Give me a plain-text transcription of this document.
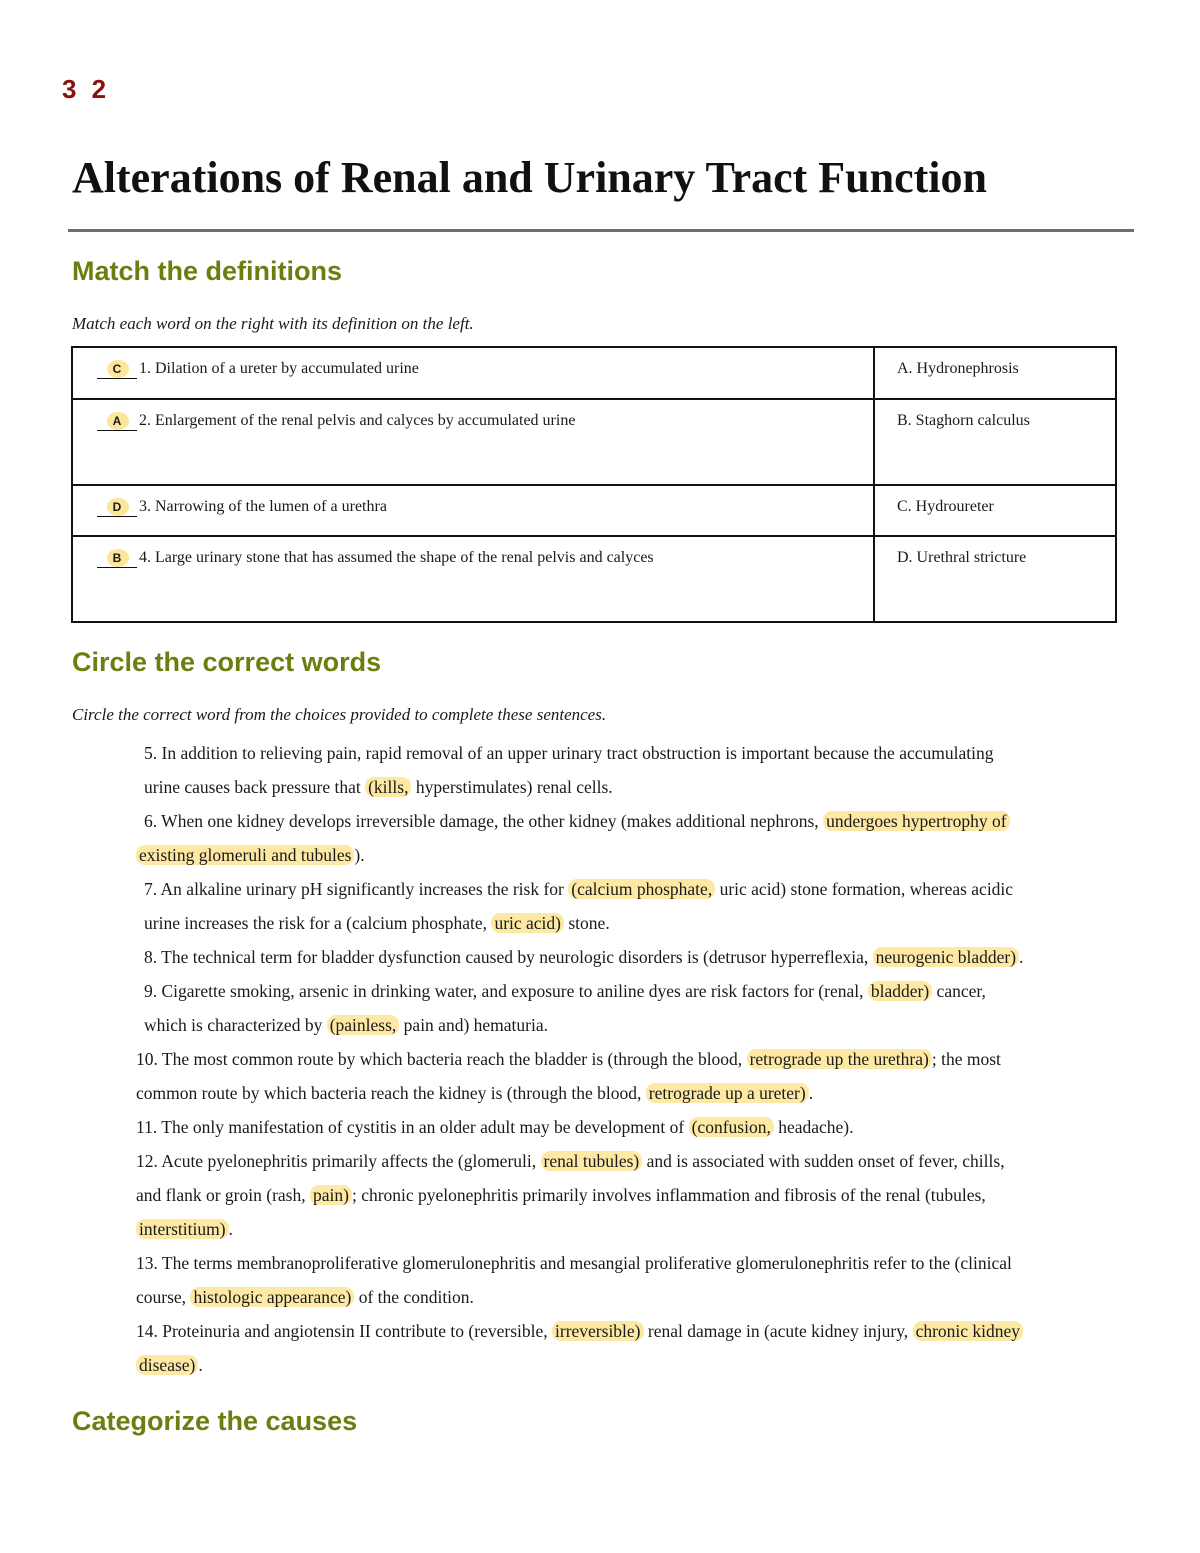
3 2
Alterations of Renal and Urinary Tract Function
Match the definitions

Match each word on the right with its definition on the left.

C 1. Dilation of a ureter by accumulated urine	A. Hydronephrosis

A 2. Enlargement of the renal pelvis and calyces by accumulated urine	B. Staghorn calculus

D 3. Narrowing of the lumen of a urethra	C. Hydroureter

B 4. Large urinary stone that has assumed the shape of the renal pelvis and calyces	D. Urethral stricture
Circle the correct words

Circle the correct word from the choices provided to complete these sentences.

5. In addition to relieving pain, rapid removal of an upper urinary tract obstruction is important because the accumulating
urine causes back pressure that (kills, hyperstimulates) renal cells.
6. When one kidney develops irreversible damage, the other kidney (makes additional nephrons, undergoes hypertrophy of
existing glomeruli and tubules ).
7. An alkaline urinary pH significantly increases the risk for (calcium phosphate, uric acid) stone formation, whereas acidic
urine increases the risk for a (calcium phosphate, uric acid) stone.
8. The technical term for bladder dysfunction caused by neurologic disorders is (detrusor hyperreflexia, neurogenic bladder) .
9. Cigarette smoking, arsenic in drinking water, and exposure to aniline dyes are risk factors for (renal, bladder) cancer,
which is characterized by (painless, pain and) hematuria.
10. The most common route by which bacteria reach the bladder is (through the blood, retrograde up the urethra) ; the most
common route by which bacteria reach the kidney is (through the blood, retrograde up a ureter) .
11. The only manifestation of cystitis in an older adult may be development of (confusion, headache).
12. Acute pyelonephritis primarily affects the (glomeruli, renal tubules) and is associated with sudden onset of fever, chills,
and flank or groin (rash, pain) ; chronic pyelonephritis primarily involves inflammation and fibrosis of the renal (tubules,
interstitium) .
13. The terms membranoproliferative glomerulonephritis and mesangial proliferative glomerulonephritis refer to the (clinical
course, histologic appearance) of the condition.
14. Proteinuria and angiotensin II contribute to (reversible, irreversible) renal damage in (acute kidney injury, chronic kidney
disease) .
Categorize the causes
